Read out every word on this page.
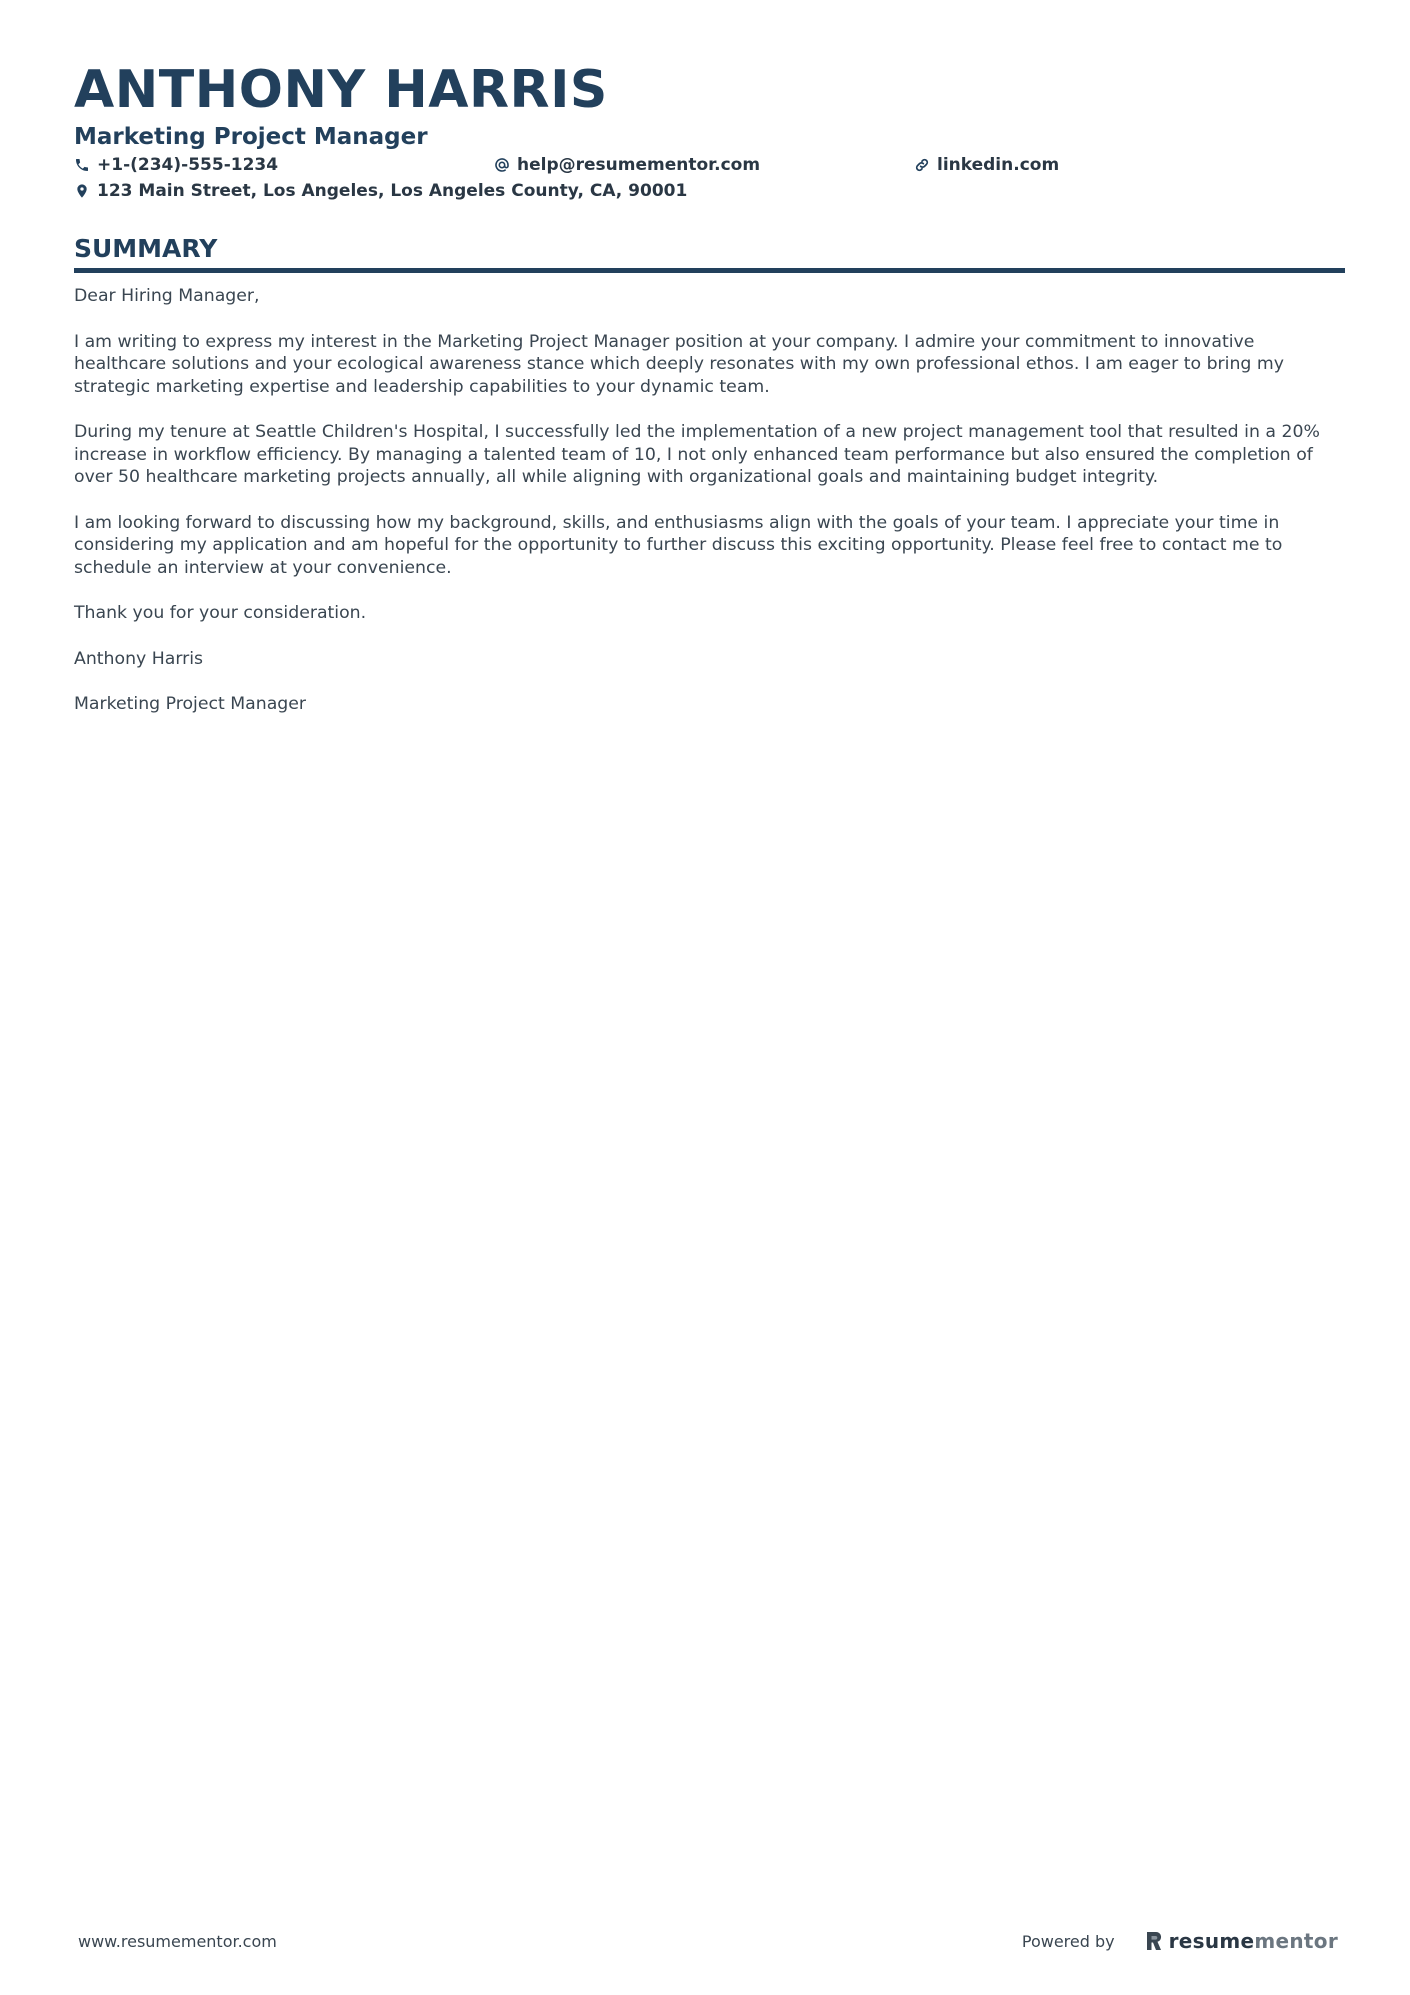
ANTHONY HARRIS
Marketing Project Manager
+1-(234)-555-1234	help@resumementor.com	linkedin.com
123 Main Street, Los Angeles, Los Angeles County, CA, 90001
SUMMARY

Dear Hiring Manager,

I am writing to express my interest in the Marketing Project Manager position at your company. I admire your commitment to innovative healthcare solutions and your ecological awareness stance which deeply resonates with my own professional ethos. I am eager to bring my strategic marketing expertise and leadership capabilities to your dynamic team.

During my tenure at Seattle Children's Hospital, I successfully led the implementation of a new project management tool that resulted in a 20% increase in workflow efficiency. By managing a talented team of 10, I not only enhanced team performance but also ensured the completion of over 50 healthcare marketing projects annually, all while aligning with organizational goals and maintaining budget integrity.

I am looking forward to discussing how my background, skills, and enthusiasms align with the goals of your team. I appreciate your time in considering my application and am hopeful for the opportunity to further discuss this exciting opportunity. Please feel free to contact me to schedule an interview at your convenience.

Thank you for your consideration.

Anthony Harris

Marketing Project Manager

www.resumementor.com	Powered by	resume mentor
